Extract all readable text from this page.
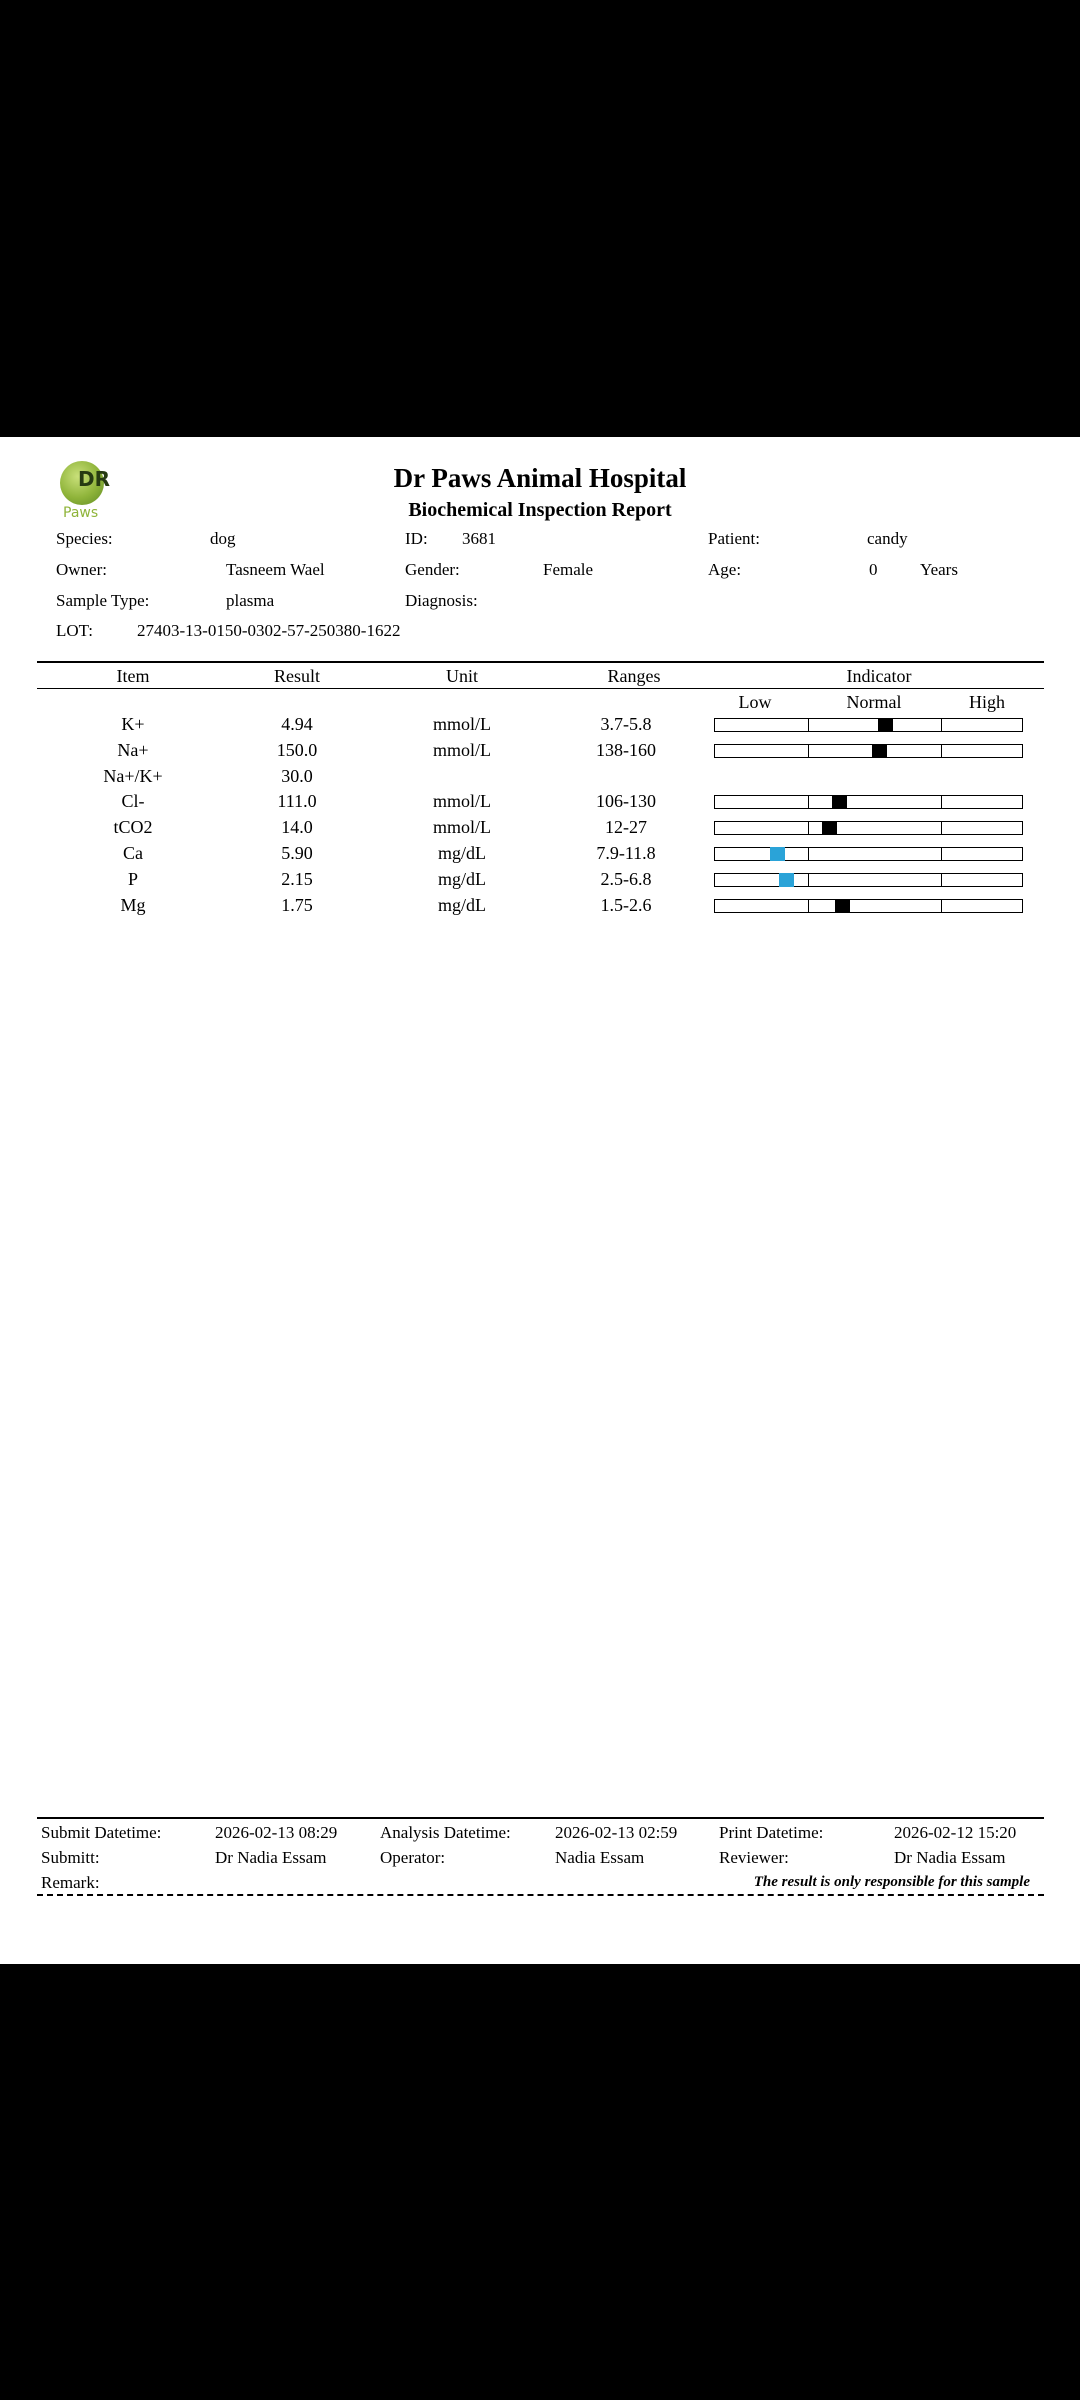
DR
Paws
Dr Paws Animal Hospital
Biochemical Inspection Report
Species:	dog	ID: 3681	Patient:	candy
Owner:	Tasneem Wael	Gender:	Female	Age:	0	Years
Sample Type:	plasma	Diagnosis:
LOT:	27403-13-0150-0302-57-250380-1622
Item	Result	Unit	Ranges	Indicator
Low	Normal	High
K+	4.94	mmol/L	3.7-5.8
Na+	150.0	mmol/L	138-160
Na+/K+	30.0
Cl-	111.0	mmol/L	106-130
tCO2	14.0	mmol/L	12-27
Ca	5.90	mg/dL	7.9-11.8
P	2.15	mg/dL	2.5-6.8
Mg	1.75	mg/dL	1.5-2.6
Submit Datetime:	2026-02-13 08:29	Analysis Datetime:	2026-02-13 02:59 Print Datetime:	2026-02-12 15:20
Submitt:	Dr Nadia Essam	Operator:	Nadia Essam	Reviewer:	Dr Nadia Essam
Remark:	The result is only responsible for this sample
